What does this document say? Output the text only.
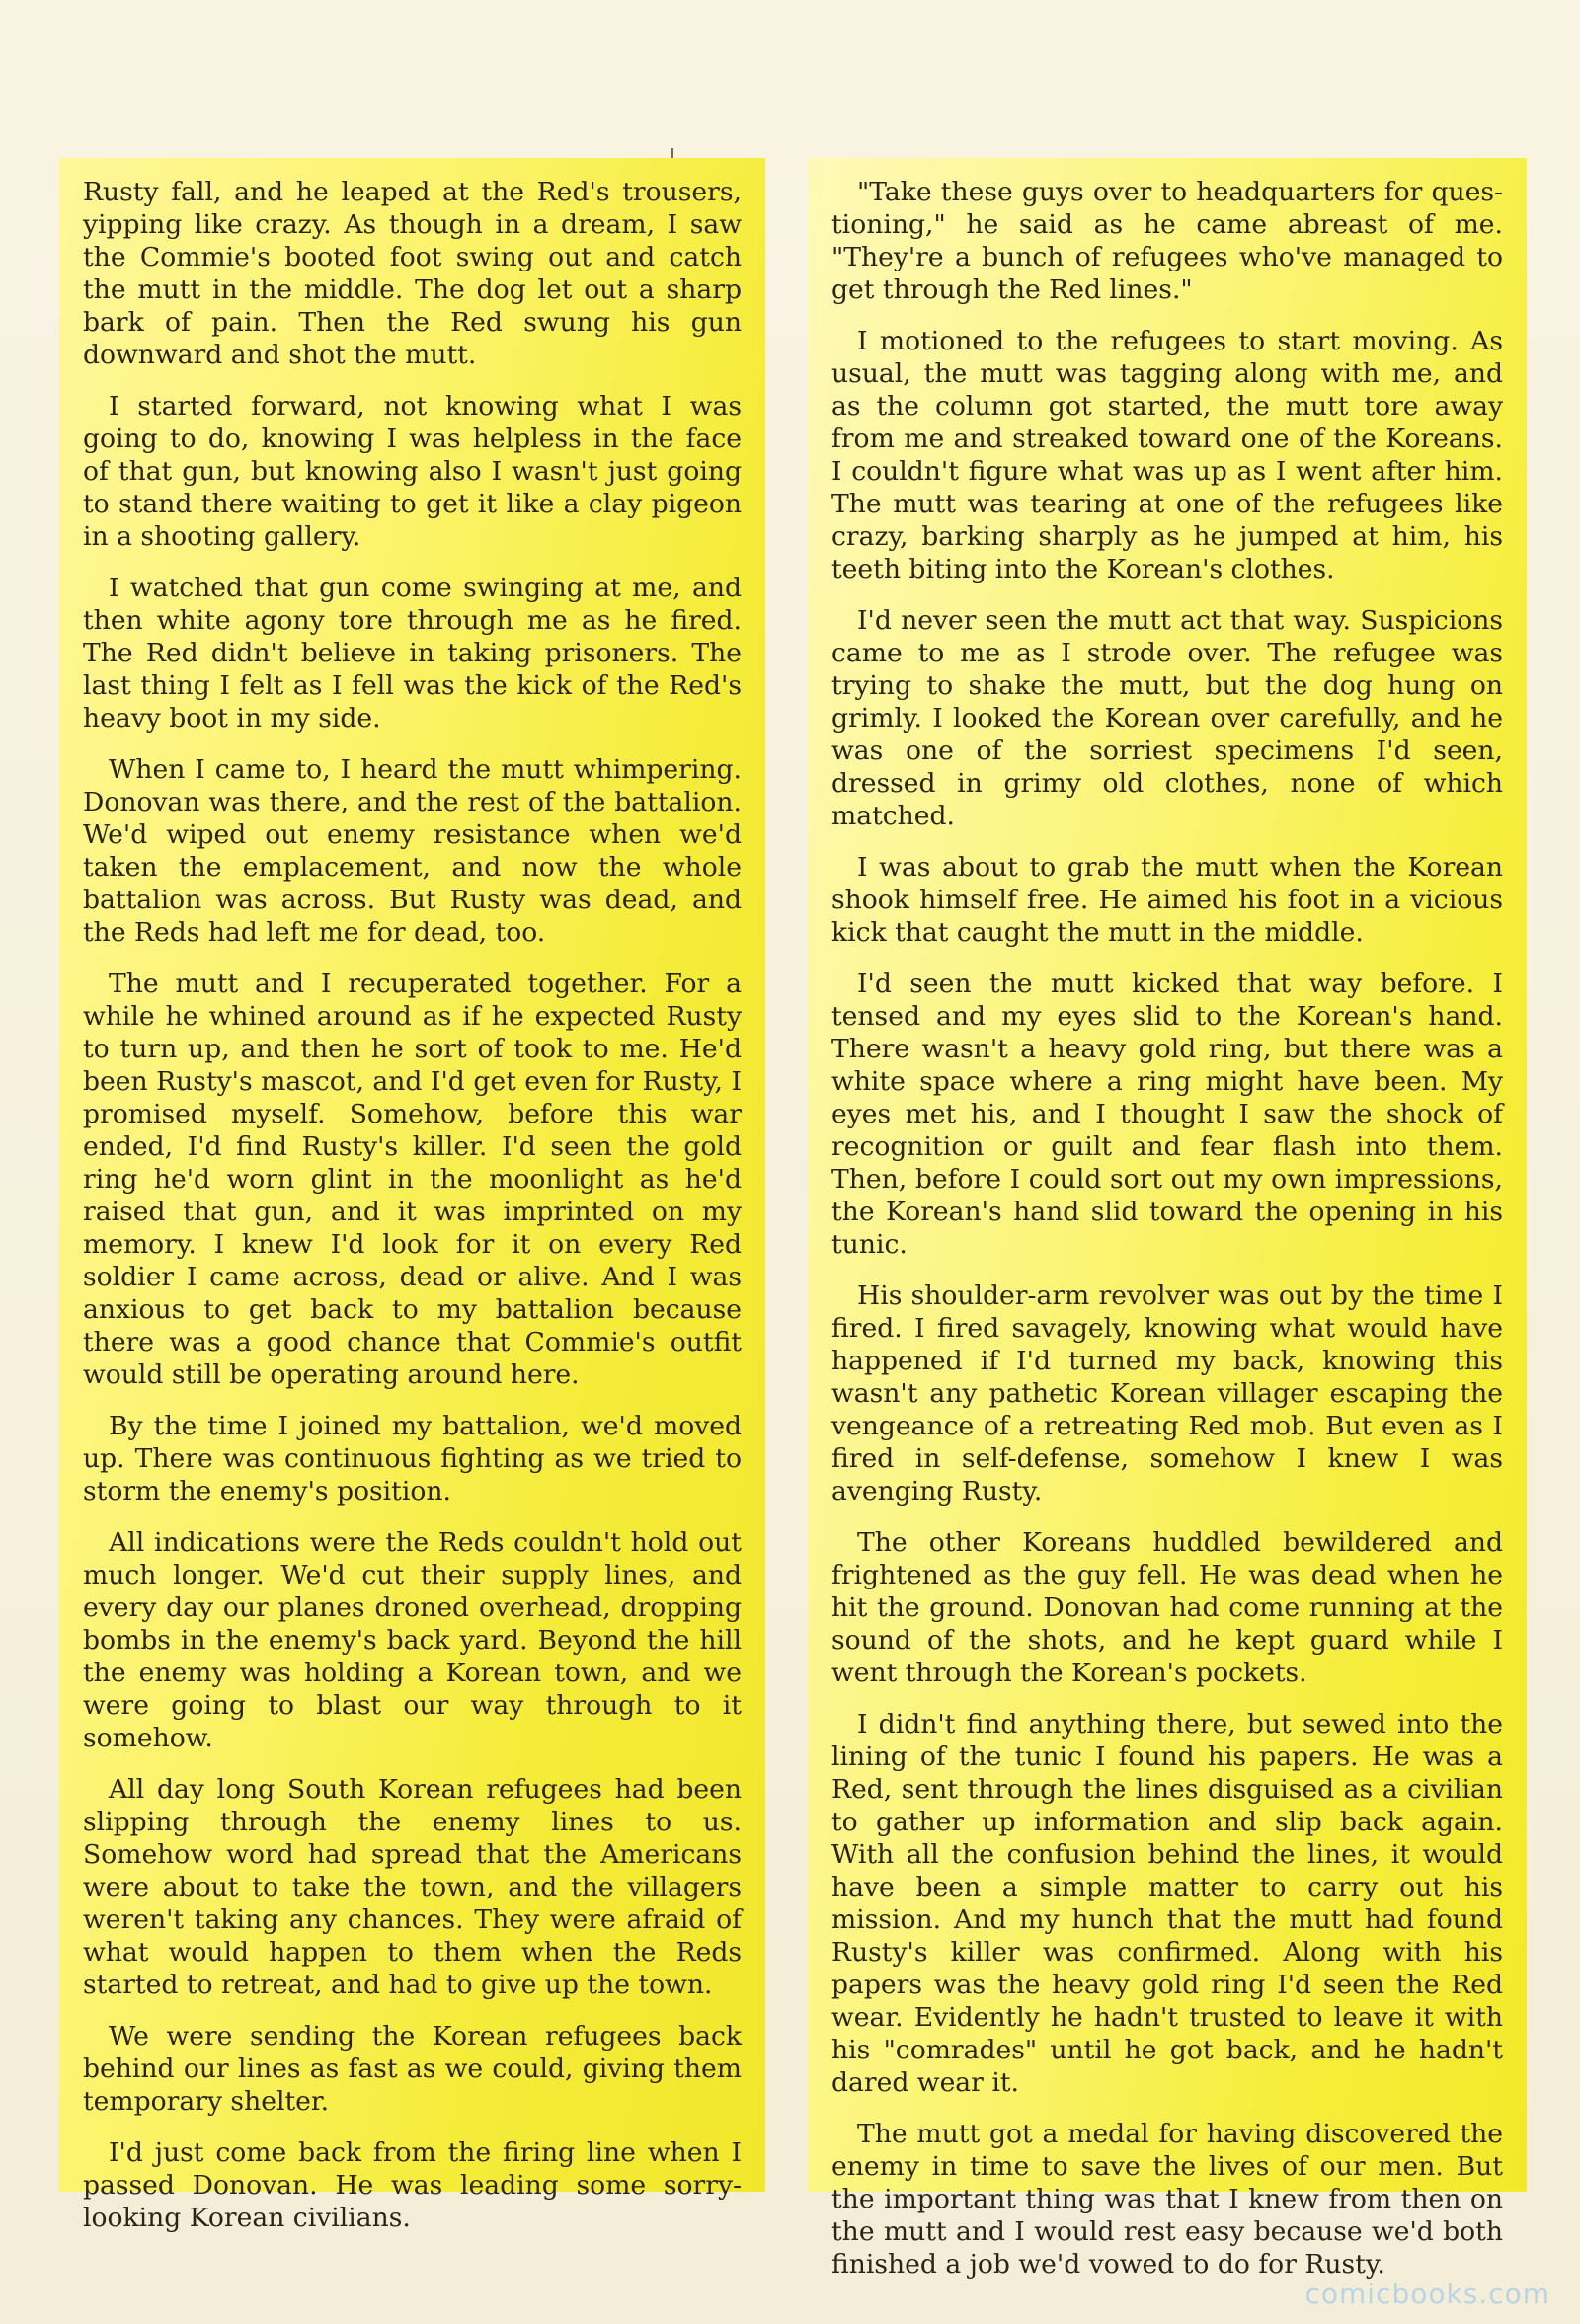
Rusty fall, and he leaped at the Red's trousers, yipping like crazy. As though in a dream, I saw the Commie's booted foot swing out and catch the mutt in the middle. The dog let out a sharp bark of pain. Then the Red swung his gun downward and shot the mutt.

I started forward, not knowing what I was going to do, knowing I was helpless in the face of that gun, but knowing also I wasn't just going to stand there waiting to get it like a clay pigeon in a shooting gallery.

I watched that gun come swinging at me, and then white agony tore through me as he fired. The Red didn't believe in taking prisoners. The last thing I felt as I fell was the kick of the Red's heavy boot in my side.

When I came to, I heard the mutt whimpering. Donovan was there, and the rest of the battalion. We'd wiped out enemy resistance when we'd taken the emplacement, and now the whole battalion was across. But Rusty was dead, and the Reds had left me for dead, too.

The mutt and I recuperated together. For a while he whined around as if he expected Rusty to turn up, and then he sort of took to me. He'd been Rusty's mascot, and I'd get even for Rusty, I promised myself. Somehow, before this war ended, I'd find Rusty's killer. I'd seen the gold ring he'd worn glint in the moonlight as he'd raised that gun, and it was imprinted on my memory. I knew I'd look for it on every Red soldier I came across, dead or alive. And I was anxious to get back to my battalion because there was a good chance that Commie's outfit would still be operating around here.

By the time I joined my battalion, we'd moved up. There was continuous fighting as we tried to storm the enemy's position.

All indications were the Reds couldn't hold out much longer. We'd cut their supply lines, and every day our planes droned overhead, dropping bombs in the enemy's back yard. Beyond the hill the enemy was holding a Korean town, and we were going to blast our way through to it somehow.

All day long South Korean refugees had been slipping through the enemy lines to us. Somehow word had spread that the Americans were about to take the town, and the villagers weren't taking any chances. They were afraid of what would happen to them when the Reds started to retreat, and had to give up the town.

We were sending the Korean refugees back behind our lines as fast as we could, giving them temporary shelter.

I'd just come back from the firing line when I passed Donovan. He was leading some sorry-looking Korean civilians.

"Take these guys over to headquarters for questioning," he said as he came abreast of me. "They're a bunch of refugees who've managed to get through the Red lines."

I motioned to the refugees to start moving. As usual, the mutt was tagging along with me, and as the column got started, the mutt tore away from me and streaked toward one of the Koreans. I couldn't figure what was up as I went after him. The mutt was tearing at one of the refugees like crazy, barking sharply as he jumped at him, his teeth biting into the Korean's clothes.

I'd never seen the mutt act that way. Suspicions came to me as I strode over. The refugee was trying to shake the mutt, but the dog hung on grimly. I looked the Korean over carefully, and he was one of the sorriest specimens I'd seen, dressed in grimy old clothes, none of which matched.

I was about to grab the mutt when the Korean shook himself free. He aimed his foot in a vicious kick that caught the mutt in the middle.

I'd seen the mutt kicked that way before. I tensed and my eyes slid to the Korean's hand. There wasn't a heavy gold ring, but there was a white space where a ring might have been. My eyes met his, and I thought I saw the shock of recognition or guilt and fear flash into them. Then, before I could sort out my own impressions, the Korean's hand slid toward the opening in his tunic.

His shoulder-arm revolver was out by the time I fired. I fired savagely, knowing what would have happened if I'd turned my back, knowing this wasn't any pathetic Korean villager escaping the vengeance of a retreating Red mob. But even as I fired in self-defense, somehow I knew I was avenging Rusty.

The other Koreans huddled bewildered and frightened as the guy fell. He was dead when he hit the ground. Donovan had come running at the sound of the shots, and he kept guard while I went through the Korean's pockets.

I didn't find anything there, but sewed into the lining of the tunic I found his papers. He was a Red, sent through the lines disguised as a civilian to gather up information and slip back again. With all the confusion behind the lines, it would have been a simple matter to carry out his mission. And my hunch that the mutt had found Rusty's killer was confirmed. Along with his papers was the heavy gold ring I'd seen the Red wear. Evidently he hadn't trusted to leave it with his "comrades" until he got back, and he hadn't dared wear it.

The mutt got a medal for having discovered the enemy in time to save the lives of our men. But the important thing was that I knew from then on the mutt and I would rest easy because we'd both finished a job we'd vowed to do for Rusty.

comicbooks.com
